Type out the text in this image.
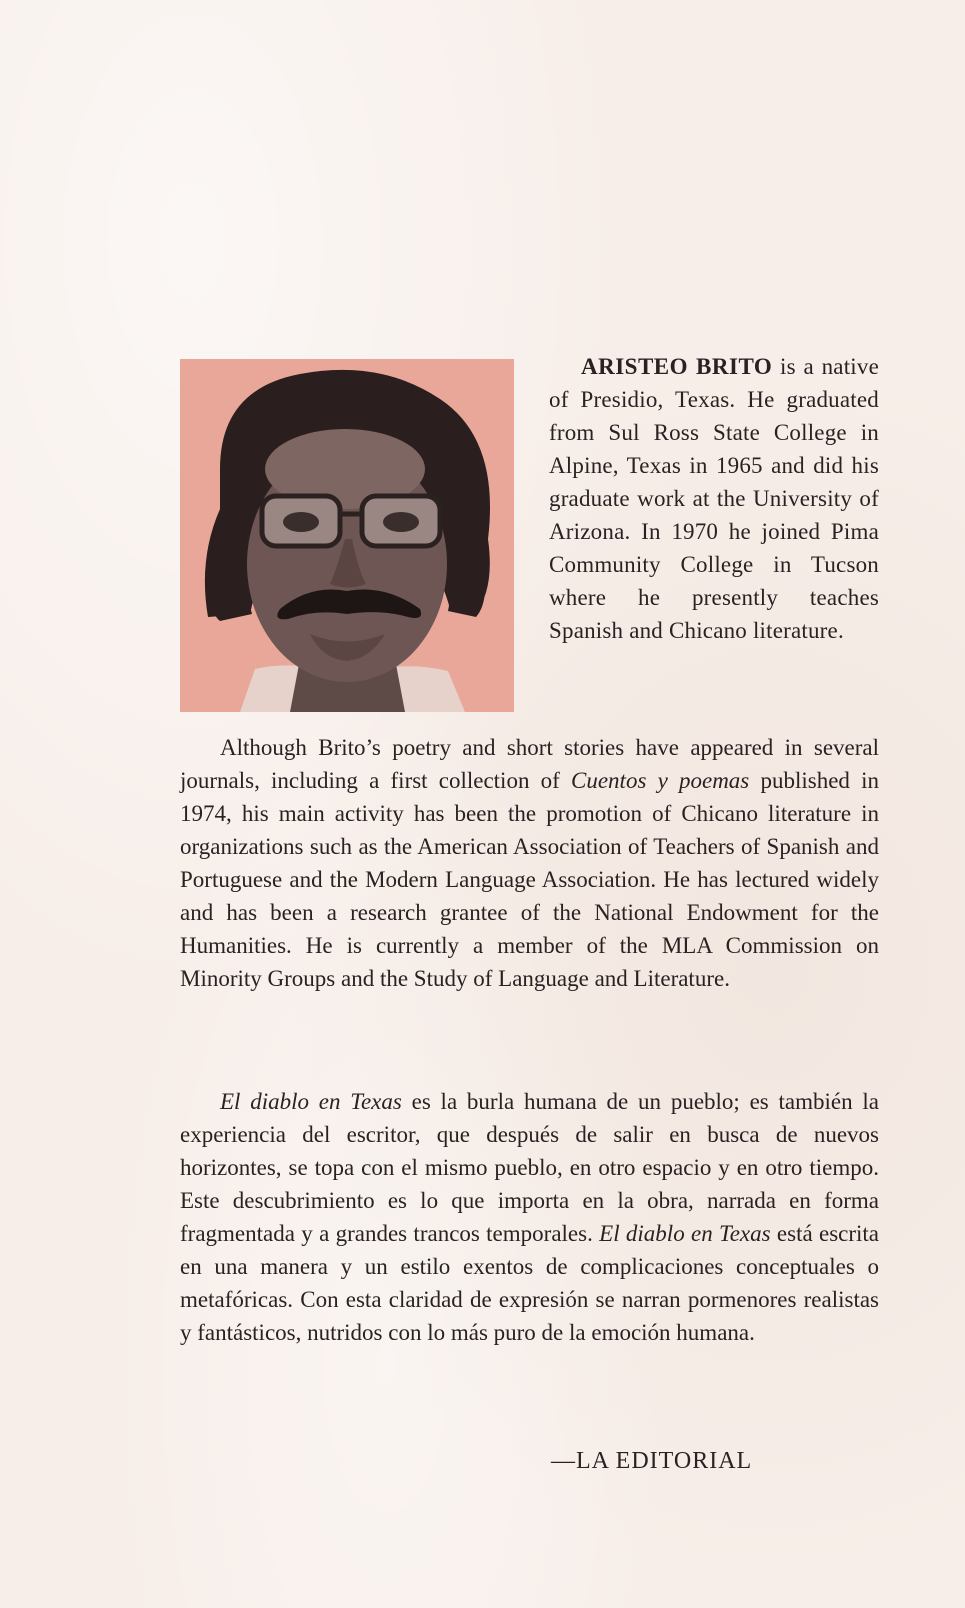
ARISTEO BRITO is a native of Presidio, Texas. He graduated from Sul Ross State College in Alpine, Texas in 1965 and did his graduate work at the University of Arizona. In 1970 he joined Pima Community College in Tucson where he presently teaches Spanish and Chicano literature.

Although Brito’s poetry and short stories have appeared in several journals, including a first collection of Cuentos y poemas published in 1974, his main activity has been the promotion of Chicano literature in organizations such as the American Association of Teachers of Spanish and Portuguese and the Modern Language Association. He has lectured widely and has been a research grantee of the National Endowment for the Humanities. He is currently a member of the MLA Commission on Minority Groups and the Study of Language and Literature.

El diablo en Texas es la burla humana de un pueblo; es también la experiencia del escritor, que después de salir en busca de nuevos horizontes, se topa con el mismo pueblo, en otro espacio y en otro tiempo. Este descubrimiento es lo que importa en la obra, narrada en forma fragmentada y a grandes trancos temporales. El diablo en Texas está escrita en una manera y un estilo exentos de complicaciones conceptuales o metafóricas. Con esta claridad de expresión se narran pormenores realistas y fantásticos, nutridos con lo más puro de la emoción humana.

—LA EDITORIAL
